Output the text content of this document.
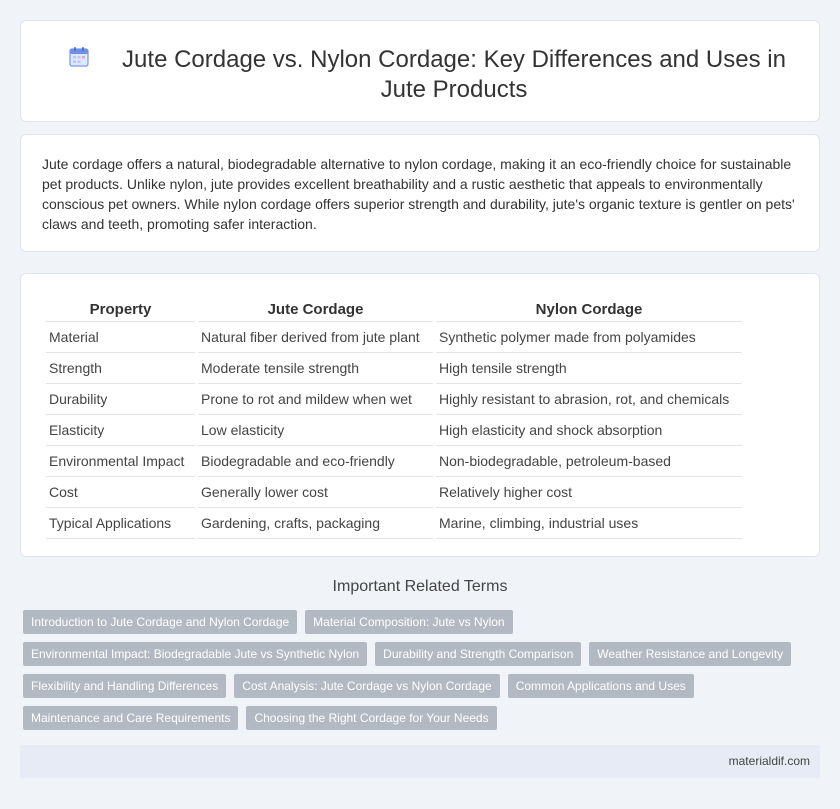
Jute Cordage vs. Nylon Cordage: Key Differences and Uses in Jute Products

Jute cordage offers a natural, biodegradable alternative to nylon cordage, making it an eco-friendly choice for sustainable pet products. Unlike nylon, jute provides excellent breathability and a rustic aesthetic that appeals to environmentally conscious pet owners. While nylon cordage offers superior strength and durability, jute's organic texture is gentler on pets' claws and teeth, promoting safer interaction.

Property	Jute Cordage	Nylon Cordage
Material	Natural fiber derived from jute plant	Synthetic polymer made from polyamides
Strength	Moderate tensile strength	High tensile strength
Durability	Prone to rot and mildew when wet	Highly resistant to abrasion, rot, and chemicals
Elasticity	Low elasticity	High elasticity and shock absorption
Environmental Impact	Biodegradable and eco-friendly	Non-biodegradable, petroleum-based
Cost	Generally lower cost	Relatively higher cost
Typical Applications	Gardening, crafts, packaging	Marine, climbing, industrial uses
Important Related Terms
Introduction to Jute Cordage and Nylon Cordage	Material Composition: Jute vs Nylon
Environmental Impact: Biodegradable Jute vs Synthetic Nylon	Durability and Strength Comparison	Weather Resistance and Longevity
Flexibility and Handling Differences	Cost Analysis: Jute Cordage vs Nylon Cordage	Common Applications and Uses
Maintenance and Care Requirements	Choosing the Right Cordage for Your Needs
materialdif.com
